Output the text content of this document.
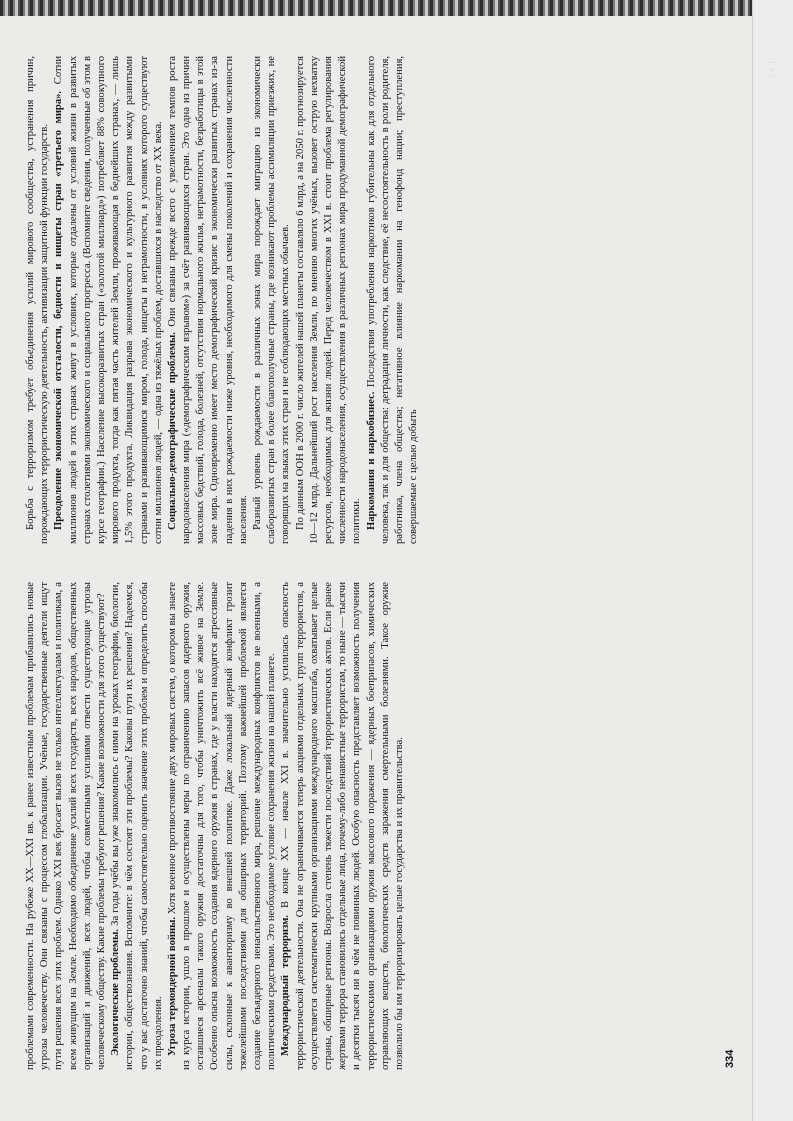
· ·
·:
·

проблемами современности. На рубеже XX—XXI вв. к ранее известным проблемам прибавились новые угрозы человечеству. Они связаны с процессом глобализации. Учёные, государственные деятели ищут пути решения всех этих проблем. Однако XXI век бросает вызов не только интеллектуалам и политикам, а всем живущим на Земле. Необходимо объединение усилий всех государств, всех народов, общественных организаций и движений, всех людей, чтобы совместными усилиями отвести существующие угрозы человеческому обществу. Какие проблемы требуют решения? Какие возможности для этого существуют? Экологические проблемы. За годы учёбы вы уже знакомились с ними на уроках географии, биологии, истории, обществознания. Вспомните: в чём состоят эти проблемы? Каковы пути их решения? Надеемся, что у вас достаточно знаний, чтобы самостоятельно оценить значение этих проблем и определить способы их преодоления. Угроза термоядерной войны. Хотя военное противостояние двух мировых систем, о котором вы знаете из курса истории, ушло в прошлое и осуществлены меры по ограничению запасов ядерного оружия, оставшиеся арсеналы такого оружия достаточны для того, чтобы уничтожить всё живое на Земле. Особенно опасна возможность создания ядерного оружия в странах, где у власти находятся агрессивные силы, склонные к авантюризму во внешней политике. Даже локальный ядерный конфликт грозит тяжелейшими последствиями для обширных территорий. Поэтому важнейшей проблемой является создание безъядерного ненасильственного мира, решение международных конфликтов не военными, а политическими средствами. Это необходимое условие сохранения жизни на нашей планете. Международный терроризм. В конце XX — начале XXI в. значительно усилилась опасность террористической деятельности. Она не ограничивается теперь акциями отдельных групп террористов, а осуществляется систематически крупными организациями международного масштаба, охватывает целые страны, обширные регионы. Возросла степень тяжести последствий террористических актов. Если ранее жертвами террора становились отдельные лица, почему-либо ненавистные террористам, то ныне — тысячи и десятки тысяч ни в чём не повинных людей. Особую опасность представляет возможность получения террористическими организациями оружия массового поражения — ядерных боеприпасов, химических отравляющих веществ, биологических средств заражения смертельными болезнями. Такое оружие позволило бы им терроризировать целые государства и их правительства.

Борьба с терроризмом требует объединения усилий мирового сообщества, устранения причин, порождающих террористическую деятельность, активизации защитной функции государств. Преодоление экономической отсталости, бедности и нищеты стран «третьего мира». Сотни миллионов людей в этих странах живут в условиях, которые отдалены от условий жизни в развитых странах столетиями экономического и социального прогресса. (Вспомните сведения, полученные об этом в курсе географии.) Население высокоразвитых стран («золотой миллиард») потребляет 88% совокупного мирового продукта, тогда как пятая часть жителей Земли, проживающая в беднейших странах, — лишь 1,5% этого продукта. Ликвидация разрыва экономического и культурного развития между развитыми странами и развивающимися миром, голода, нищеты и неграмотности, в условиях которого существуют сотни миллионов людей, — одна из тяжёлых проблем, доставшихся в наследство от XX века. Социально-демографические проблемы. Они связаны прежде всего с увеличением темпов роста народонаселения мира («демографическим взрывом») за счёт развивающихся стран. Это одна из причин массовых бедствий, голода, болезней, отсутствия нормального жилья, неграмотности, безработицы в этой зоне мира. Одновременно имеет место демографический кризис в экономически развитых странах из-за падения в них рождаемости ниже уровня, необходимого для смены поколений и сохранения численности населения. Разный уровень рождаемости в различных зонах мира порождает миграцию из экономически слаборазвитых стран в более благополучные страны, где возникают проблемы ассимиляции приезжих, не говорящих на языках этих стран и не соблюдающих местных обычаев. По данным ООН в 2000 г. число жителей нашей планеты составляло 6 млрд, а на 2050 г. прогнозируется 10—12 млрд. Дальнейший рост населения Земли, по мнению многих учёных, вызовет острую нехватку ресурсов, необходимых для жизни людей. Перед человечеством в XXI в. стоит проблема регулирования численности народонаселения, осуществления в различных регионах мира продуманной демографической политики. Наркомания и наркобизнес. Последствия употребления наркотиков губительны как для отдельного человека, так и для общества: деградация личности, как следствие, её несостоятельность в роли родителя, работника, члена общества; негативное влияние наркомании на генофонд нации; преступления, совершаемые с целью добыть

334
